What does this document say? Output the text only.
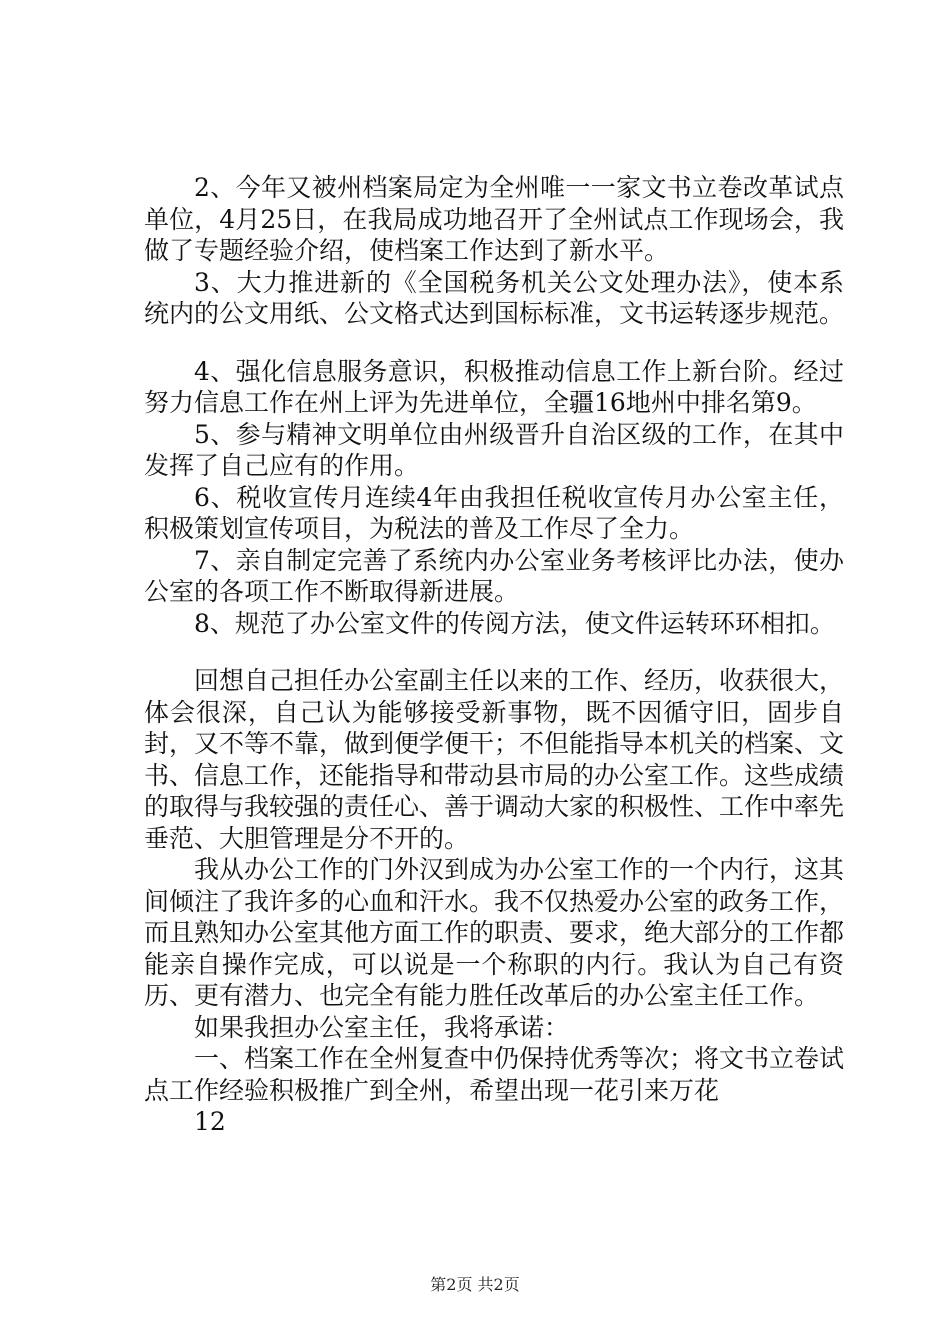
2、今年又被州档案局定为全州唯一一家文书立卷改革试点单位，4月25日，在我局成功地召开了全州试点工作现场会，我做了专题经验介绍，使档案工作达到了新水平。

3、大力推进新的《全国税务机关公文处理办法》，使本系统内的公文用纸、公文格式达到国标标准，文书运转逐步规范。

4、强化信息服务意识，积极推动信息工作上新台阶。经过努力信息工作在州上评为先进单位，全疆16地州中排名第9。

5、参与精神文明单位由州级晋升自治区级的工作，在其中发挥了自己应有的作用。

6、税收宣传月连续4年由我担任税收宣传月办公室主任，积极策划宣传项目，为税法的普及工作尽了全力。

7、亲自制定完善了系统内办公室业务考核评比办法，使办公室的各项工作不断取得新进展。

8、规范了办公室文件的传阅方法，使文件运转环环相扣。

回想自己担任办公室副主任以来的工作、经历，收获很大，体会很深，自己认为能够接受新事物，既不因循守旧，固步自封，又不等不靠，做到便学便干；不但能指导本机关的档案、文书、信息工作，还能指导和带动县市局的办公室工作。这些成绩的取得与我较强的责任心、善于调动大家的积极性、工作中率先垂范、大胆管理是分不开的。

我从办公工作的门外汉到成为办公室工作的一个内行，这其间倾注了我许多的心血和汗水。我不仅热爱办公室的政务工作，而且熟知办公室其他方面工作的职责、要求，绝大部分的工作都能亲自操作完成，可以说是一个称职的内行。我认为自己有资历、更有潜力、也完全有能力胜任改革后的办公室主任工作。

如果我担办公室主任，我将承诺：

一、档案工作在全州复查中仍保持优秀等次；将文书立卷试点工作经验积极推广到全州，希望出现一花引来万花

12

第2页 共2页
